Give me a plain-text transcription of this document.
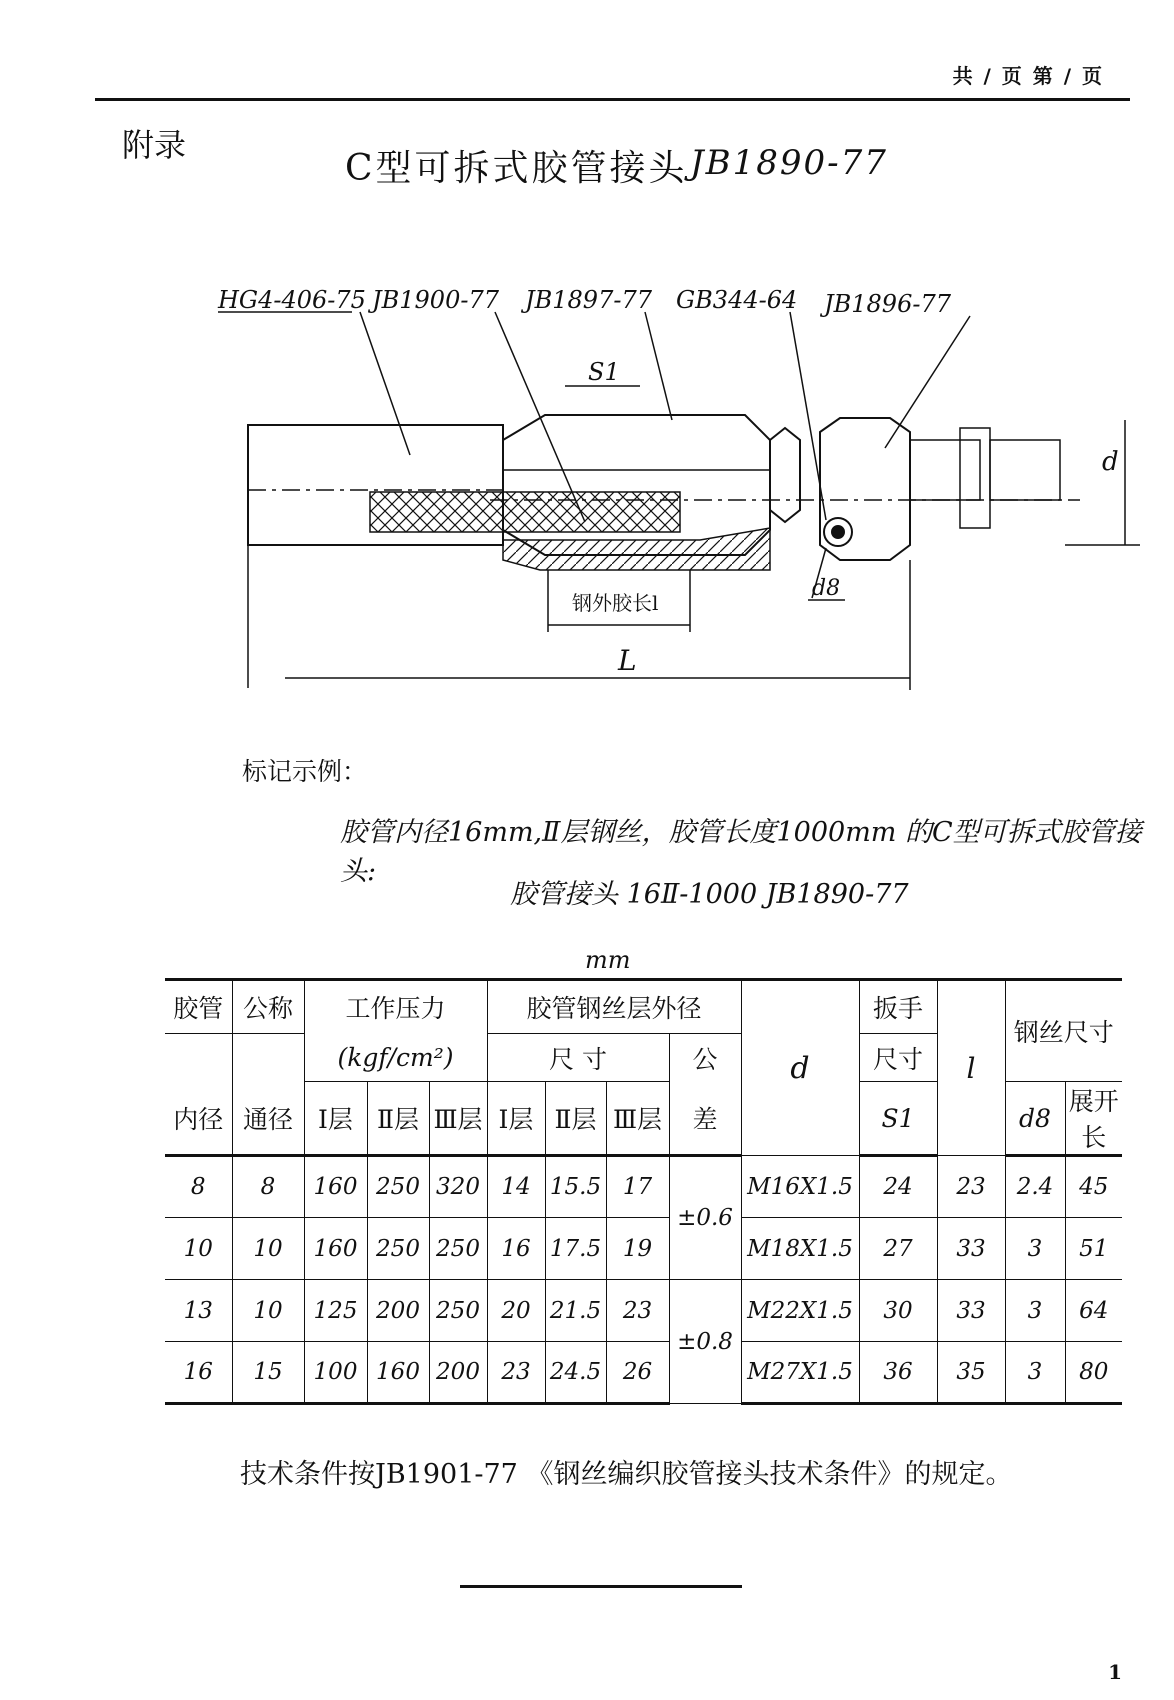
共 / 页 第 / 页
附录
C型可拆式胶管接头 JB1890-77
HG4-406-75 JB1900-77 JB1897-77 GB344-64 JB1896-77
S1
d
d8
钢外胶长l
L
标记示例：
胶管内径16mm,Ⅱ层钢丝，胶管长度1000mm 的C型可拆式胶管接头:
胶管接头 16Ⅱ-1000 JB1890-77
mm
胶管	公称	工作压力			胶管钢丝层外径				d	扳手	l	钢丝尺寸	
		(kgf/cm²)			尺 寸			公		尺寸			
内径	通径	Ⅰ层	Ⅱ层	Ⅲ层	Ⅰ层	Ⅱ层	Ⅲ层	差		S1		d8	展开长
8	8	160	250	320	14	15.5	17	±0.6	M16X1.5	24	23	2.4	45
10	10	160	250	250	16	17.5	19		M18X1.5	27	33	3	51
13	10	125	200	250	20	21.5	23	±0.8	M22X1.5	30	33	3	64
16	15	100	160	200	23	24.5	26		M27X1.5	36	35	3	80
技术条件按JB1901-77 《钢丝编织胶管接头技术条件》的规定。
1
